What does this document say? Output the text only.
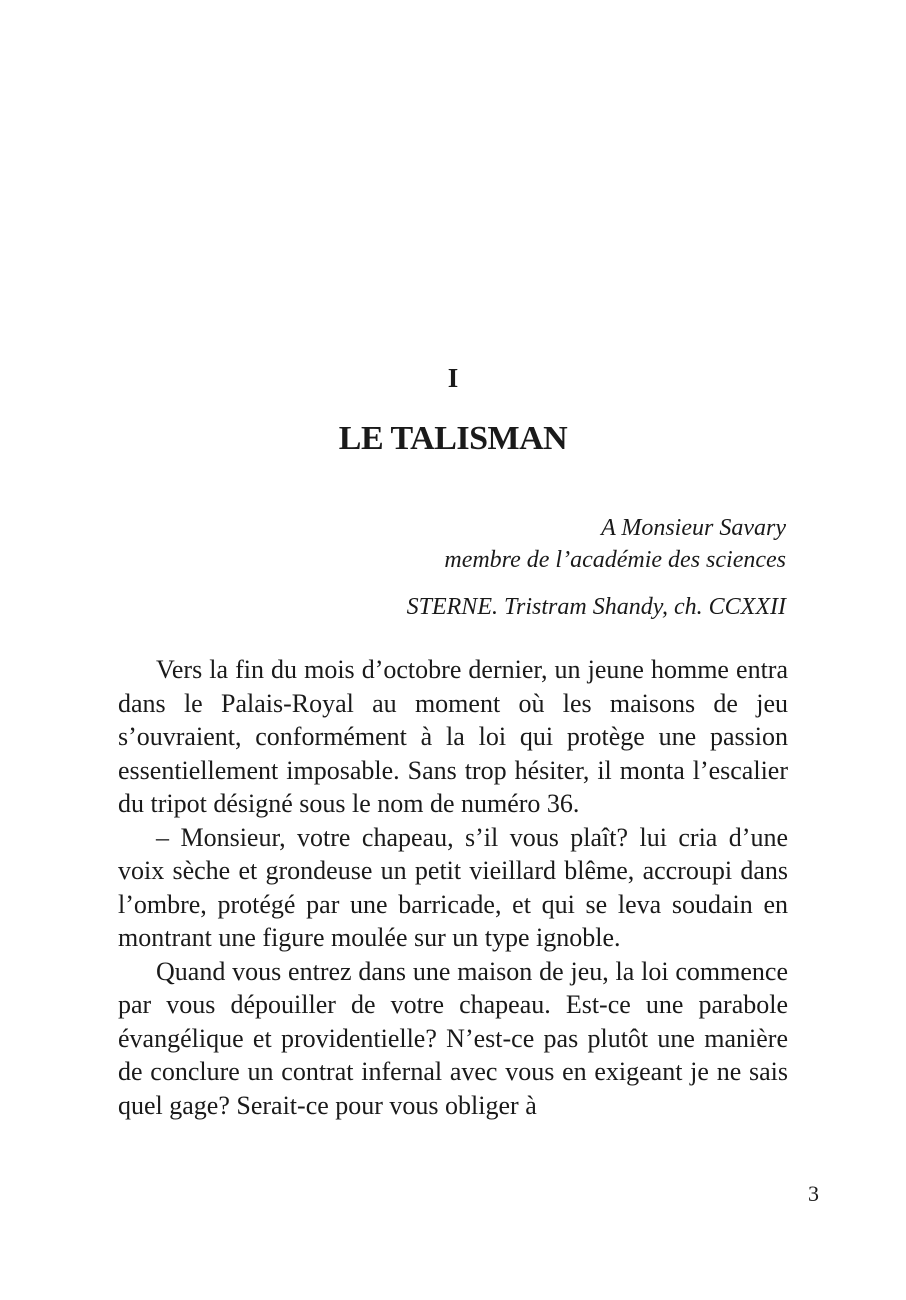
I
LE TALISMAN
A Monsieur Savary
membre de l’académie des sciences
STERNE. Tristram Shandy, ch. CCXXII

Vers la fin du mois d’octobre dernier, un jeune homme entra dans le Palais-Royal au moment où les maisons de jeu s’ouvraient, conformément à la loi qui protège une passion essentiellement imposable. Sans trop hésiter, il monta l’escalier du tripot désigné sous le nom de numéro 36.

– Monsieur, votre chapeau, s’il vous plaît? lui cria d’une voix sèche et grondeuse un petit vieillard blême, accroupi dans l’ombre, protégé par une barricade, et qui se leva soudain en montrant une figure moulée sur un type ignoble.

Quand vous entrez dans une maison de jeu, la loi commence par vous dépouiller de votre chapeau. Est-ce une parabole évangélique et providentielle? N’est-ce pas plutôt une manière de conclure un contrat infernal avec vous en exigeant je ne sais quel gage? Serait-ce pour vous obliger à

3
